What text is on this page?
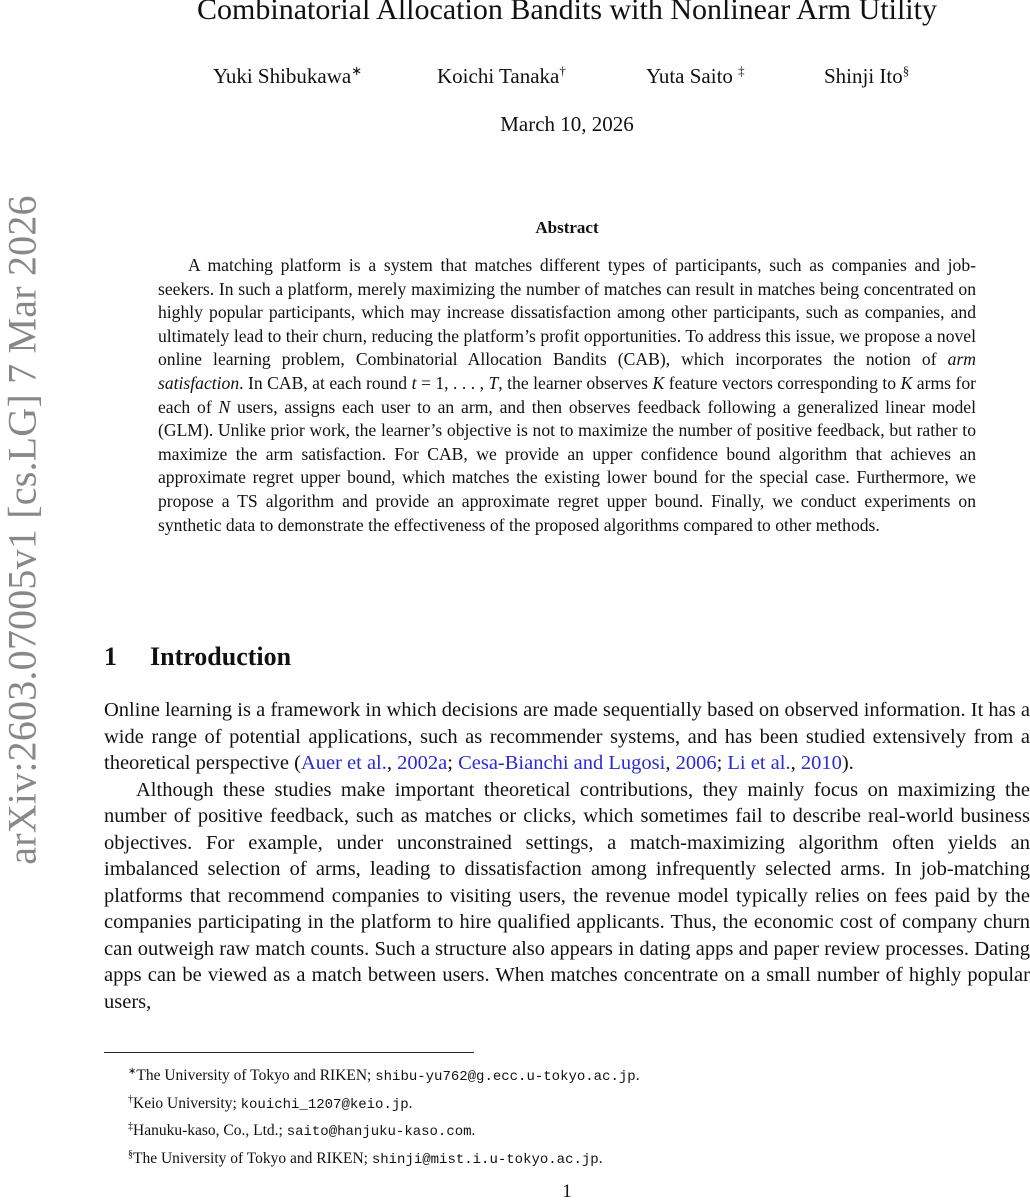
arXiv:2603.07005v1 [cs.LG] 7 Mar 2026
Combinatorial Allocation Bandits with Nonlinear Arm Utility
Yuki Shibukawa∗	Koichi Tanaka†	Yuta Saito ‡	Shinji Ito§
March 10, 2026
Abstract

A matching platform is a system that matches different types of participants, such as companies and job-seekers. In such a platform, merely maximizing the number of matches can result in matches being concentrated on highly popular participants, which may increase dissatisfaction among other participants, such as companies, and ultimately lead to their churn, reducing the platform’s profit opportunities. To address this issue, we propose a novel online learning problem, Combinatorial Allocation Bandits (CAB), which incorporates the notion of arm satisfaction. In CAB, at each round t = 1, . . . , T, the learner observes K feature vectors corresponding to K arms for each of N users, assigns each user to an arm, and then observes feedback following a generalized linear model (GLM). Unlike prior work, the learner’s objective is not to maximize the number of positive feedback, but rather to maximize the arm satisfaction. For CAB, we provide an upper confidence bound algorithm that achieves an approximate regret upper bound, which matches the existing lower bound for the special case. Furthermore, we propose a TS algorithm and provide an approximate regret upper bound. Finally, we conduct experiments on synthetic data to demonstrate the effectiveness of the proposed algorithms compared to other methods.

1 Introduction

Online learning is a framework in which decisions are made sequentially based on observed information. It has a wide range of potential applications, such as recommender systems, and has been studied extensively from a theoretical perspective (Auer et al., 2002a; Cesa-Bianchi and Lugosi, 2006; Li et al., 2010).

Although these studies make important theoretical contributions, they mainly focus on maximizing the number of positive feedback, such as matches or clicks, which sometimes fail to describe real-world business objectives. For example, under unconstrained settings, a match-maximizing algorithm often yields an imbalanced selection of arms, leading to dissatisfaction among infrequently selected arms. In job-matching platforms that recommend companies to visiting users, the revenue model typically relies on fees paid by the companies participating in the platform to hire qualified applicants. Thus, the economic cost of company churn can outweigh raw match counts. Such a structure also appears in dating apps and paper review processes. Dating apps can be viewed as a match between users. When matches concentrate on a small number of highly popular users,

∗The University of Tokyo and RIKEN; shibu-yu762@g.ecc.u-tokyo.ac.jp.
†Keio University; kouichi_1207@keio.jp.
‡Hanuku-kaso, Co., Ltd.; saito@hanjuku-kaso.com.
§The University of Tokyo and RIKEN; shinji@mist.i.u-tokyo.ac.jp.
1
